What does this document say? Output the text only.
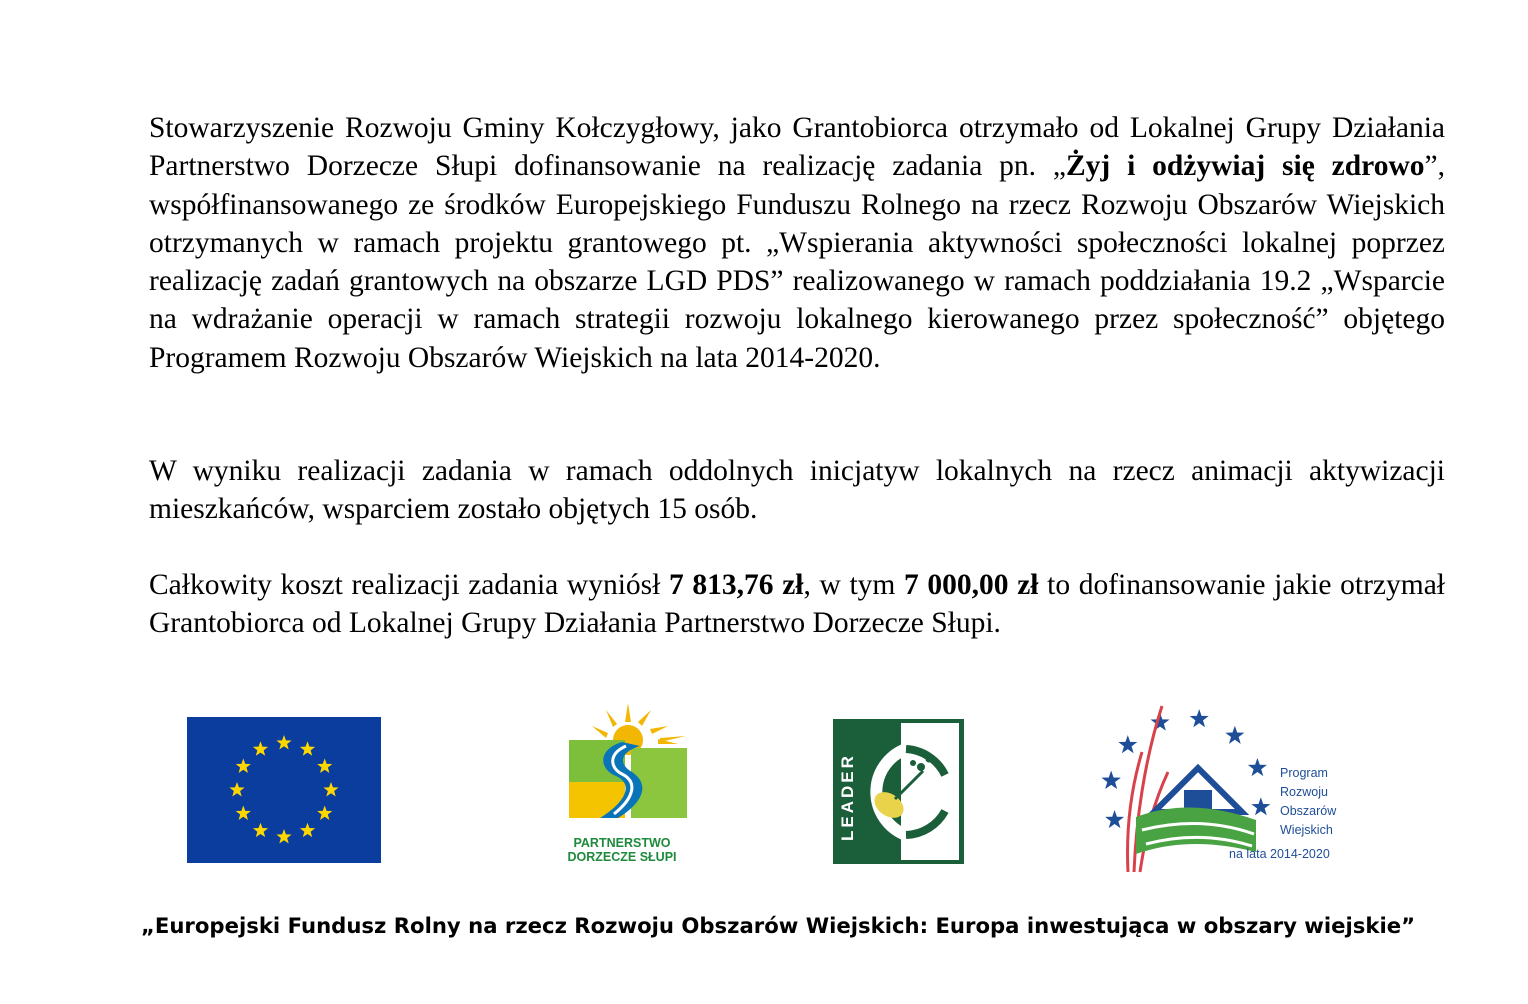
Stowarzyszenie Rozwoju Gminy Kołczygłowy, jako Grantobiorca otrzymało od Lokalnej Grupy Działania Partnerstwo Dorzecze Słupi dofinansowanie na realizację zadania pn. „Żyj i odżywiaj się zdrowo”, współfinansowanego ze środków Europejskiego Funduszu Rolnego na rzecz Rozwoju Obszarów Wiejskich otrzymanych w ramach projektu grantowego pt. „Wspierania aktywności społeczności lokalnej poprzez realizację zadań grantowych na obszarze LGD PDS” realizowanego w ramach poddziałania 19.2 „Wsparcie na wdrażanie operacji w ramach strategii rozwoju lokalnego kierowanego przez społeczność” objętego Programem Rozwoju Obszarów Wiejskich na lata 2014-2020.

W wyniku realizacji zadania w ramach oddolnych inicjatyw lokalnych na rzecz animacji aktywizacji mieszkańców, wsparciem zostało objętych 15 osób.

Całkowity koszt realizacji zadania wyniósł 7 813,76 zł, w tym 7 000,00 zł to dofinansowanie jakie otrzymał Grantobiorca od Lokalnej Grupy Działania Partnerstwo Dorzecze Słupi.

PARTNERSTWO
DORZECZE SŁUPI
LEADER	Program
Rozwoju
Obszarów
Wiejskich
na lata 2014-2020
„Europejski Fundusz Rolny na rzecz Rozwoju Obszarów Wiejskich: Europa inwestująca w obszary wiejskie”
